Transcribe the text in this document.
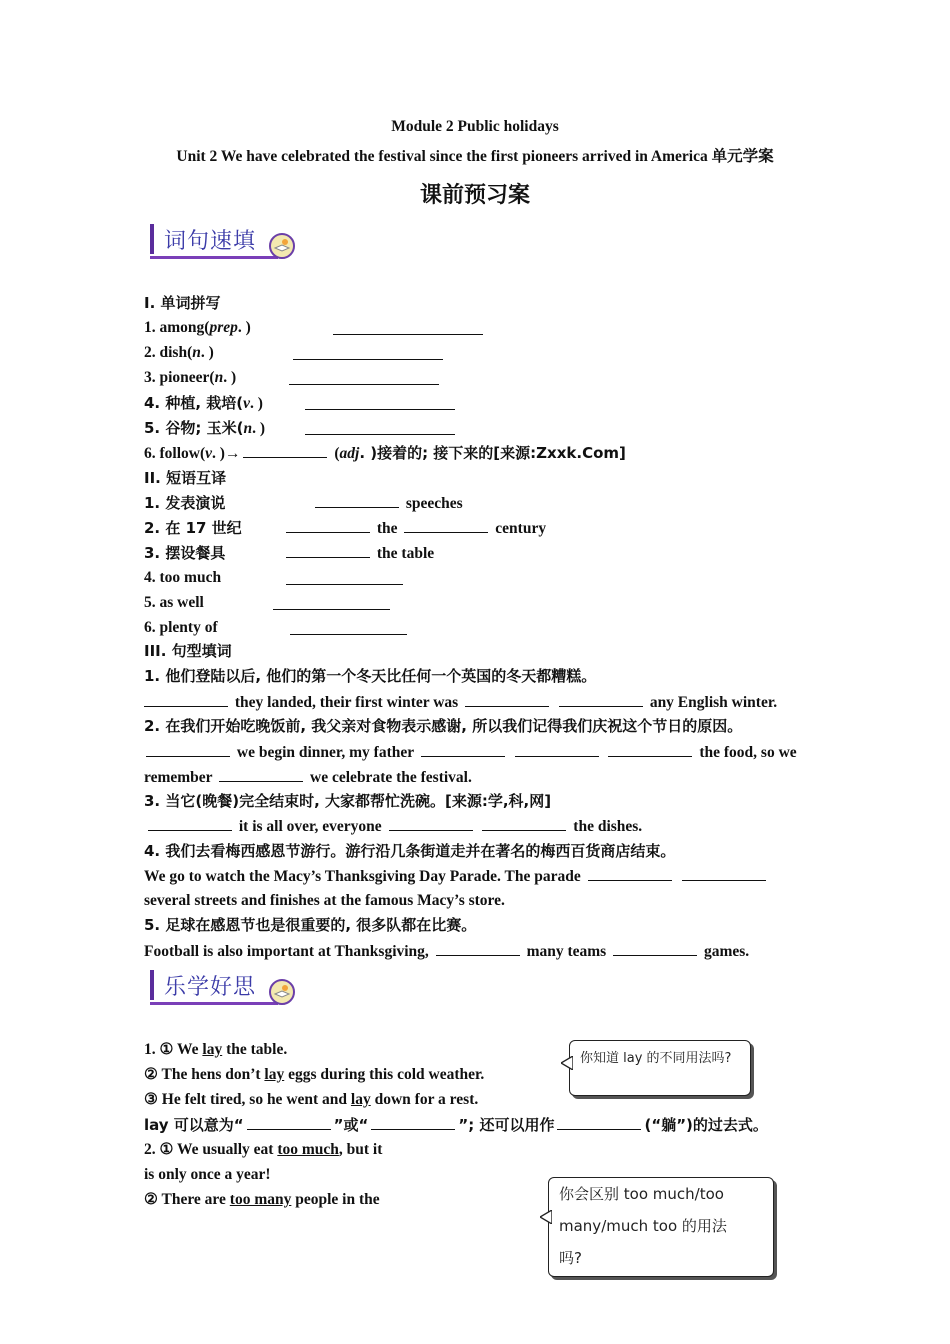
Module 2 Public holidays
Unit 2 We have celebrated the festival since the first pioneers arrived in America 单元学案
课前预习案
词句速填
I. 单词拼写
1. among(prep. )
2. dish(n. )
3. pioneer(n. )
4. 种植, 栽培(v. )
5. 谷物; 玉米(n. )
6. follow(v. )→	(adj. )接着的; 接下来的[来源:Zxxk.Com]
II. 短语互译
1. 发表演说	speeches
2. 在 17 世纪	the	century
3. 摆设餐具	the table
4. too much
5. as well
6. plenty of
III. 句型填词
1. 他们登陆以后, 他们的第一个冬天比任何一个英国的冬天都糟糕。
they landed, their first winter was	any English winter.
2. 在我们开始吃晚饭前, 我父亲对食物表示感谢, 所以我们记得我们庆祝这个节日的原因。
we begin dinner, my father	the food, so we
remember	we celebrate the festival.
3. 当它(晚餐)完全结束时, 大家都帮忙洗碗。[来源:学,科,网]
it is all over, everyone	the dishes.
4. 我们去看梅西感恩节游行。游行沿几条街道走并在著名的梅西百货商店结束。
We go to watch the Macy’s Thanksgiving Day Parade. The parade
several streets and finishes at the famous Macy’s store.
5. 足球在感恩节也是很重要的, 很多队都在比赛。
Football is also important at Thanksgiving,	many teams	games.
乐学好思
1. ① We lay the table.
② The hens don’t lay eggs during this cold weather.
③ He felt tired, so he went and lay down for a rest.
lay 可以意为“	”或“	”; 还可以用作	(“躺”)的过去式。
2. ① We usually eat too much, but it
is only once a year!
② There are too many people in the
你知道 lay 的不同用法吗?
你会区别 too much/too
many/much too 的用法
吗?
